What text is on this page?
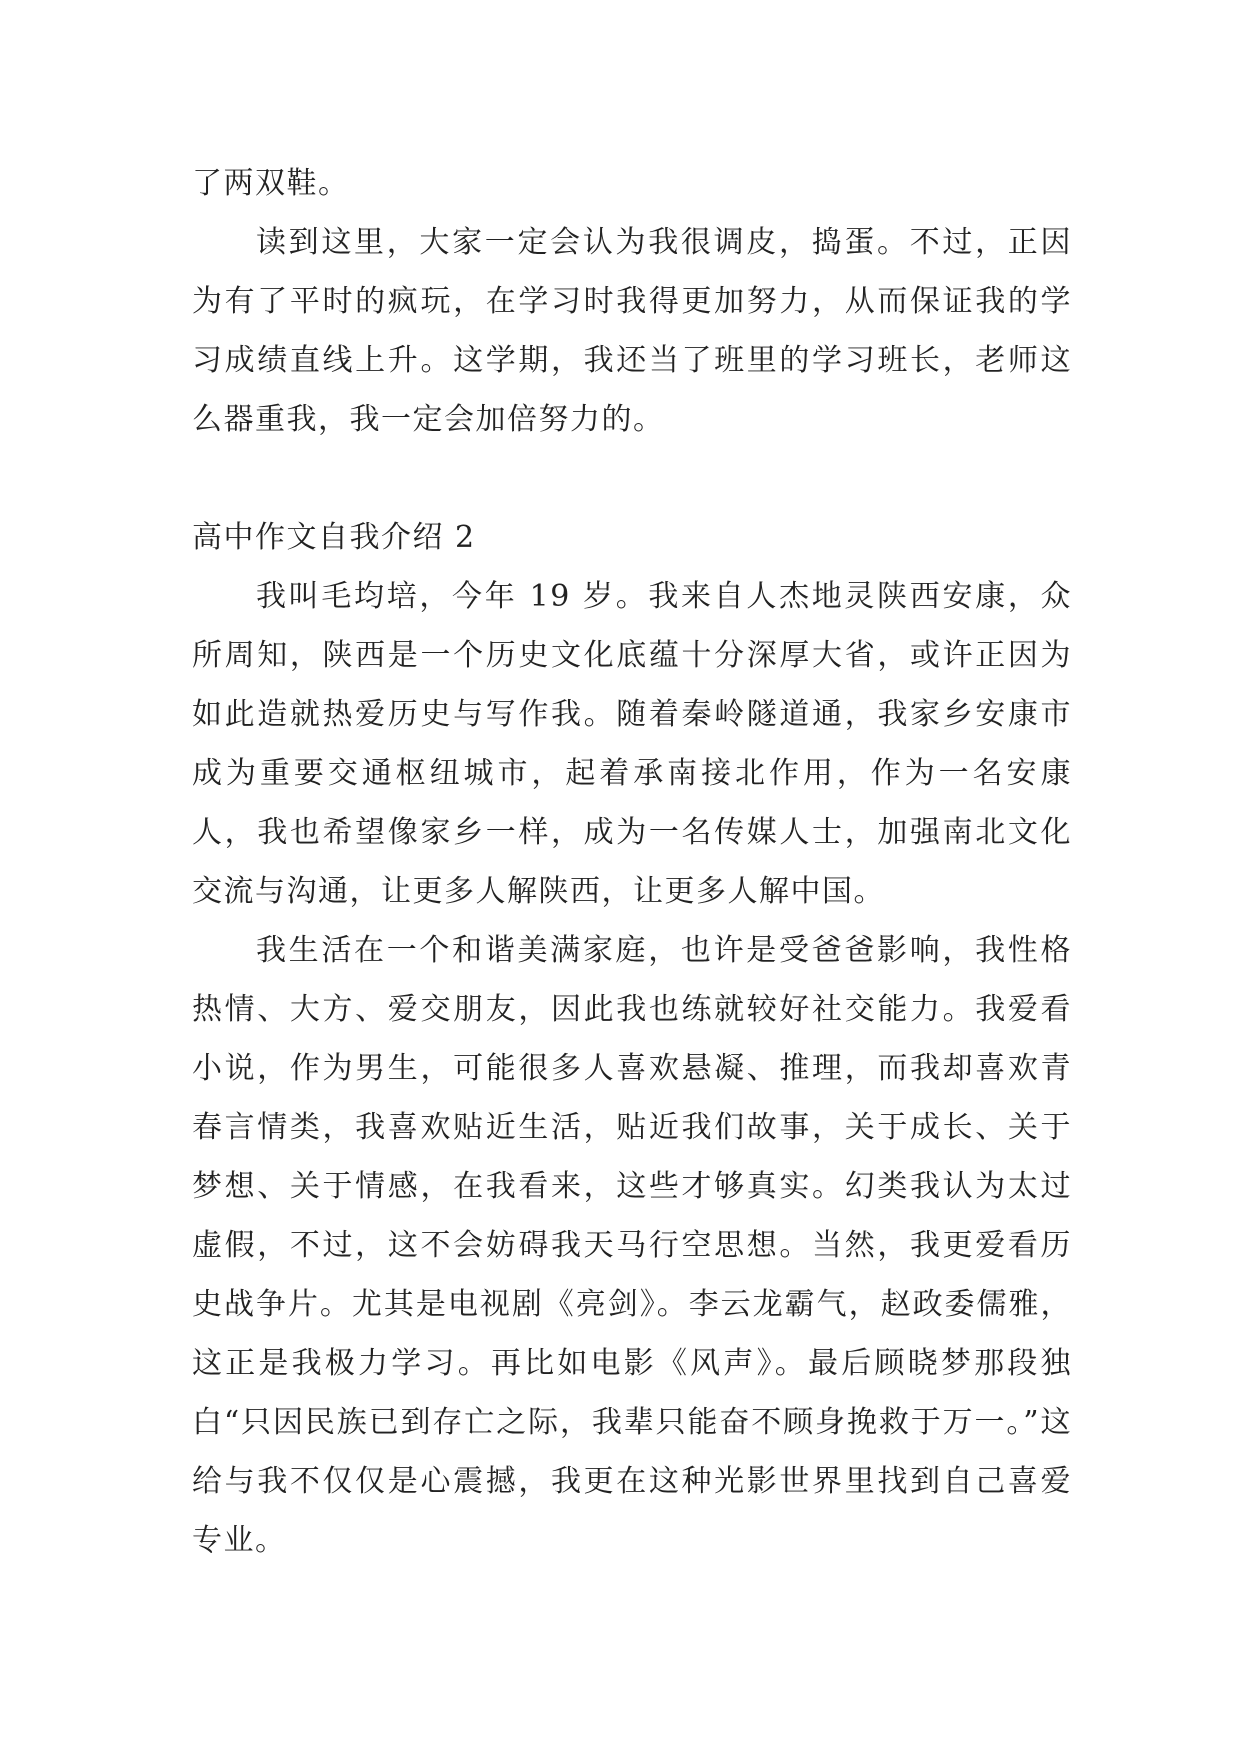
了两双鞋。

读到这里，大家一定会认为我很调皮，捣蛋。不过，正因为有了平时的疯玩，在学习时我得更加努力，从而保证我的学习成绩直线上升。这学期，我还当了班里的学习班长，老师这么器重我，我一定会加倍努力的。

高中作文自我介绍 2

我叫毛均培，今年 19 岁。我来自人杰地灵陕西安康，众所周知，陕西是一个历史文化底蕴十分深厚大省，或许正因为如此造就热爱历史与写作我。随着秦岭隧道通，我家乡安康市成为重要交通枢纽城市，起着承南接北作用，作为一名安康人，我也希望像家乡一样，成为一名传媒人士，加强南北文化交流与沟通，让更多人解陕西，让更多人解中国。

我生活在一个和谐美满家庭，也许是受爸爸影响，我性格热情、大方、爱交朋友，因此我也练就较好社交能力。我爱看小说，作为男生，可能很多人喜欢悬凝、推理，而我却喜欢青春言情类，我喜欢贴近生活，贴近我们故事，关于成长、关于梦想、关于情感，在我看来，这些才够真实。幻类我认为太过虚假，不过，这不会妨碍我天马行空思想。当然，我更爱看历史战争片。尤其是电视剧《亮剑》。李云龙霸气，赵政委儒雅，这正是我极力学习。再比如电影《风声》。最后顾晓梦那段独白“只因民族已到存亡之际，我辈只能奋不顾身挽救于万一。”这给与我不仅仅是心震撼，我更在这种光影世界里找到自己喜爱专业。
